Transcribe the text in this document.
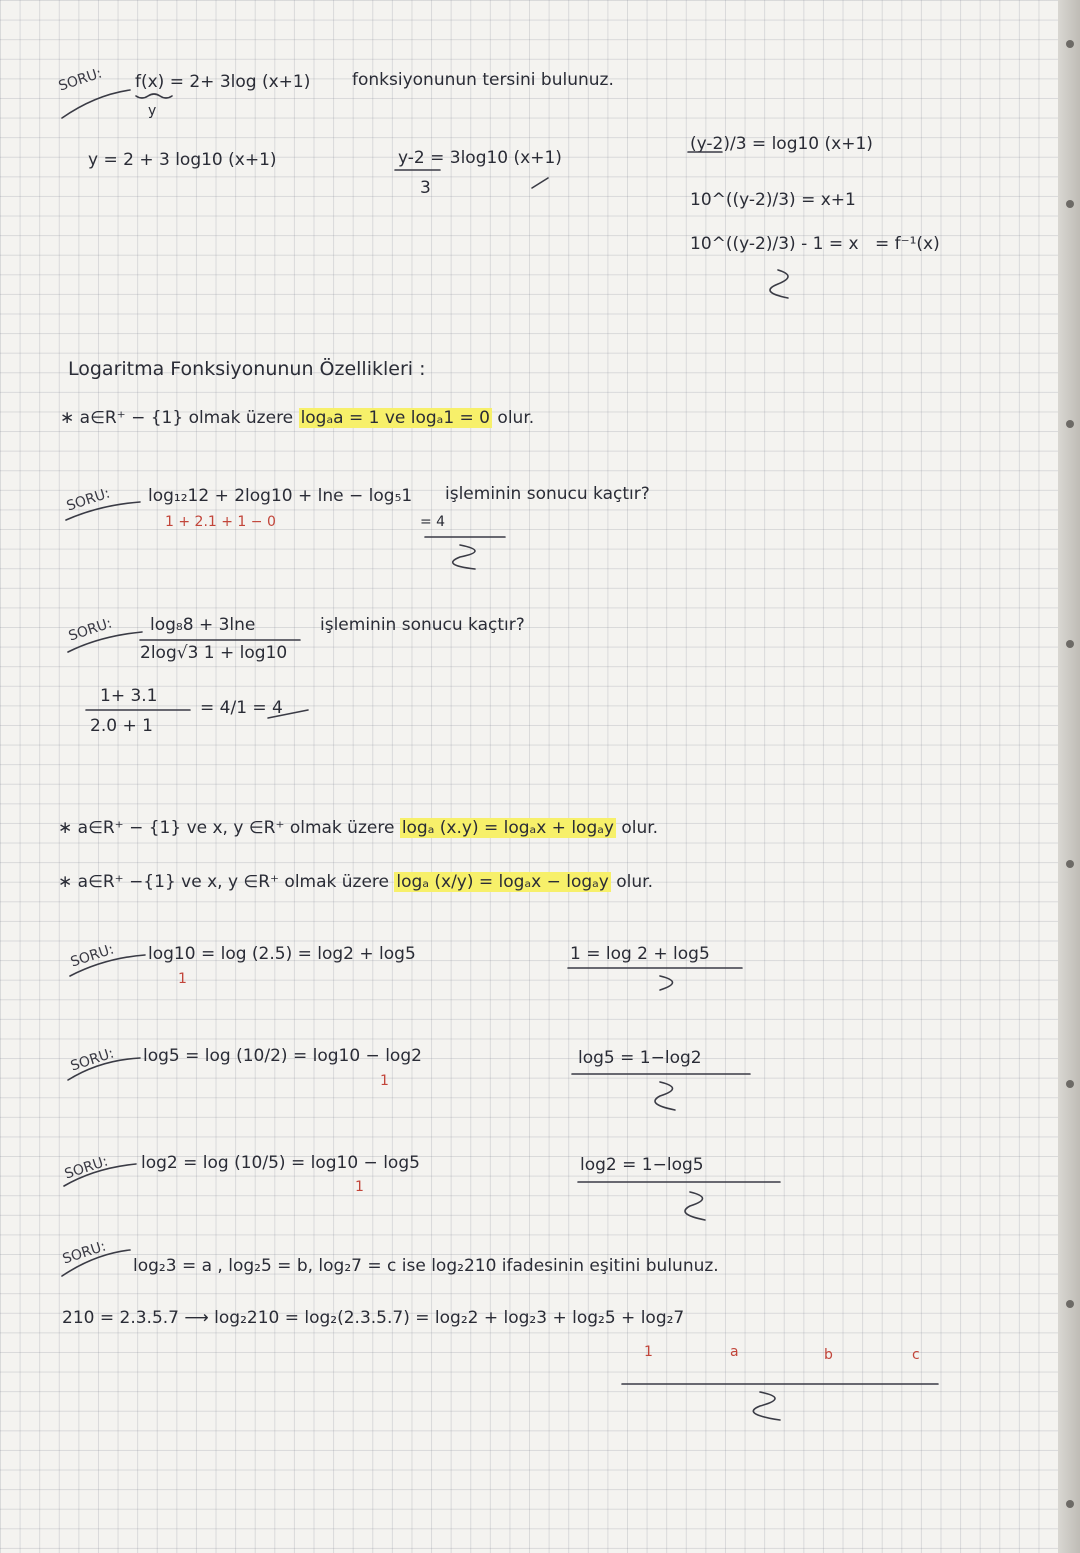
SORU: f(x) = 2+ 3log (x+1)
y
fonksiyonunun tersini bulunuz.
y = 2 + 3 log10 (x+1)	y-2 = 3log10 (x+1)
3
(y-2)/3 = log10 (x+1)
10^((y-2)/3) = x+1
10^((y-2)/3) - 1 = x = f⁻¹(x)
Logaritma Fonksiyonunun Özellikleri :
∗ a∈R⁺ − {1} olmak üzere logₐa = 1 ve logₐ1 = 0 olur.
SORU: log₁₂12 + 2log10 + lne − log₅1 işleminin sonucu kaçtır?
1 + 2.1 + 1 − 0	= 4
SORU: log₈8 + 3lne
2log√3 1 + log10
işleminin sonucu kaçtır?
1+ 3.1
2.0 + 1
= 4/1 = 4
∗ a∈R⁺ − {1} ve x, y ∈R⁺ olmak üzere logₐ (x.y) = logₐx + logₐy olur.
∗ a∈R⁺ −{1} ve x, y ∈R⁺ olmak üzere logₐ (x/y) = logₐx − logₐy olur.
SORU: log10 = log (2.5) = log2 + log5
1
1 = log 2 + log5
SORU: log5 = log (10/2) = log10 − log2
1
log5 = 1−log2
SORU: log2 = log (10/5) = log10 − log5
1
log2 = 1−log5
SORU: log₂3 = a , log₂5 = b, log₂7 = c ise log₂210 ifadesinin eşitini bulunuz.
210 = 2.3.5.7 ⟶ log₂210 = log₂(2.3.5.7) = log₂2 + log₂3 + log₂5 + log₂7
1	a	b	c
